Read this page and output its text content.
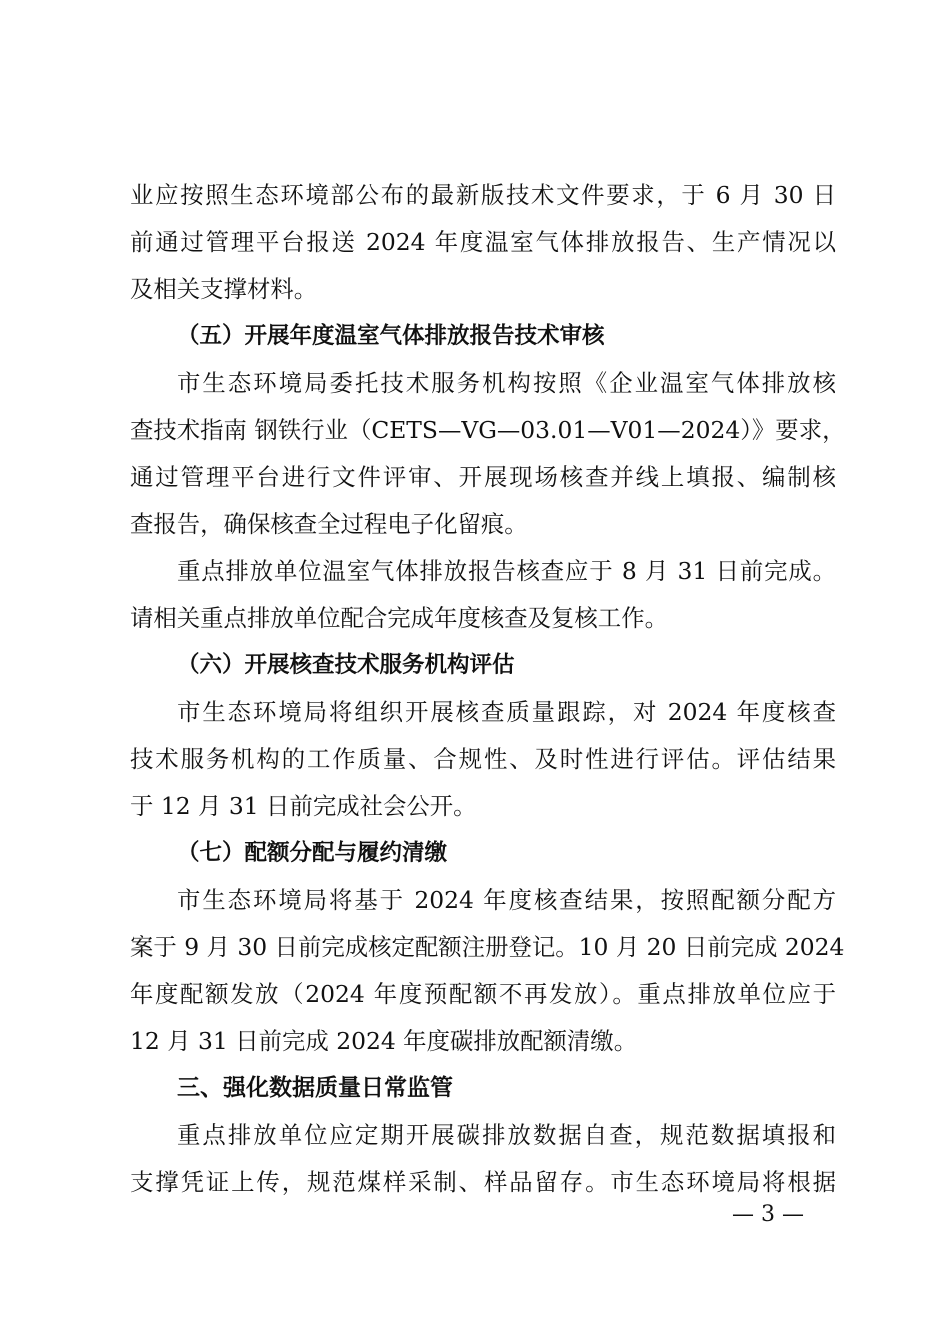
业应按照生态环境部公布的最新版技术文件要求，于 6 月 30 日
前通过管理平台报送 2024 年度温室气体排放报告、生产情况以
及相关支撑材料。
（五）开展年度温室气体排放报告技术审核
市生态环境局委托技术服务机构按照《企业温室气体排放核
查技术指南 钢铁行业（CETS—VG—03.01—V01—2024）》要求，
通过管理平台进行文件评审、开展现场核查并线上填报、编制核
查报告，确保核查全过程电子化留痕。
重点排放单位温室气体排放报告核查应于 8 月 31 日前完成。
请相关重点排放单位配合完成年度核查及复核工作。
（六）开展核查技术服务机构评估
市生态环境局将组织开展核查质量跟踪，对 2024 年度核查
技术服务机构的工作质量、合规性、及时性进行评估。评估结果
于 12 月 31 日前完成社会公开。
（七）配额分配与履约清缴
市生态环境局将基于 2024 年度核查结果，按照配额分配方
案于 9 月 30 日前完成核定配额注册登记。10 月 20 日前完成 2024
年度配额发放（2024 年度预配额不再发放）。重点排放单位应于
12 月 31 日前完成 2024 年度碳排放配额清缴。
三、强化数据质量日常监管
重点排放单位应定期开展碳排放数据自查，规范数据填报和
支撑凭证上传，规范煤样采制、样品留存。市生态环境局将根据
— 3 —
